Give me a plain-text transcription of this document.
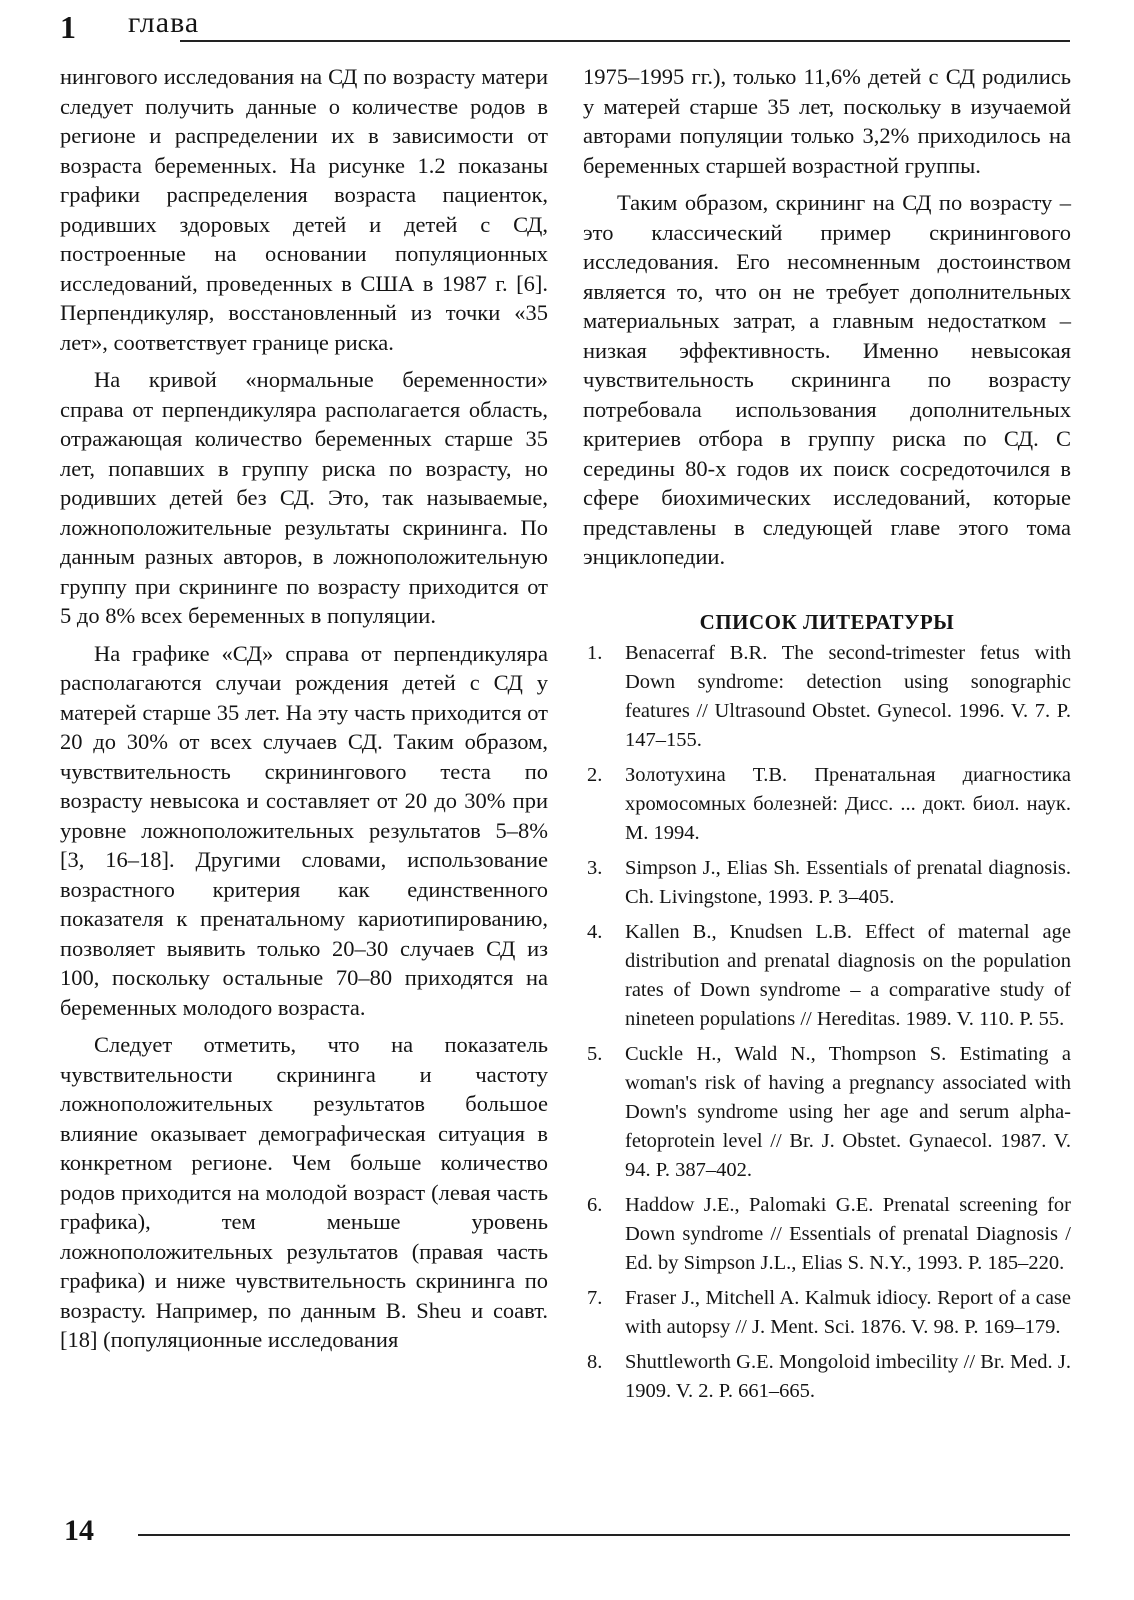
1 глава

нингового исследования на СД по возрасту матери следует получить данные о количестве родов в регионе и распределении их в зависимости от возраста беременных. На рисунке 1.2 показаны графики распределения возраста пациенток, родивших здоровых детей и детей с СД, построенные на основании популяционных исследований, проведенных в США в 1987 г. [6]. Перпендикуляр, восстановленный из точки «35 лет», соответствует границе риска.

На кривой «нормальные беременности» справа от перпендикуляра располагается область, отражающая количество беременных старше 35 лет, попавших в группу риска по возрасту, но родивших детей без СД. Это, так называемые, ложноположительные результаты скрининга. По данным разных авторов, в ложноположительную группу при скрининге по возрасту приходится от 5 до 8% всех беременных в популяции.

На графике «СД» справа от перпендикуляра располагаются случаи рождения детей с СД у матерей старше 35 лет. На эту часть приходится от 20 до 30% от всех случаев СД. Таким образом, чувствительность скринингового теста по возрасту невысока и составляет от 20 до 30% при уровне ложноположительных результатов 5–8% [3, 16–18]. Другими словами, использование возрастного критерия как единственного показателя к пренатальному кариотипированию, позволяет выявить только 20–30 случаев СД из 100, поскольку остальные 70–80 приходятся на беременных молодого возраста.

Следует отметить, что на показатель чувствительности скрининга и частоту ложноположительных результатов большое влияние оказывает демографическая ситуация в конкретном регионе. Чем больше количество родов приходится на молодой возраст (левая часть графика), тем меньше уровень ложноположительных результатов (правая часть графика) и ниже чувствительность скрининга по возрасту. Например, по данным B. Sheu и соавт. [18] (популяционные исследования

1975–1995 гг.), только 11,6% детей с СД родились у матерей старше 35 лет, поскольку в изучаемой авторами популяции только 3,2% приходилось на беременных старшей возрастной группы.

Таким образом, скрининг на СД по возрасту – это классический пример скринингового исследования. Его несомненным достоинством является то, что он не требует дополнительных материальных затрат, а главным недостатком – низкая эффективность. Именно невысокая чувствительность скрининга по возрасту потребовала использования дополнительных критериев отбора в группу риска по СД. С середины 80-х годов их поиск сосредоточился в сфере биохимических исследований, которые представлены в следующей главе этого тома энциклопедии.

СПИСОК ЛИТЕРАТУРЫ
1. Benacerraf B.R. The second-trimester fetus with Down syndrome: detection using sonographic features // Ultrasound Obstet. Gynecol. 1996. V. 7. P. 147–155.
2. Золотухина Т.В. Пренатальная диагностика хромосомных болезней: Дисс. ... докт. биол. наук. М. 1994.
3. Simpson J., Elias Sh. Essentials of prenatal diagnosis. Ch. Livingstone, 1993. P. 3–405.
4. Kallen B., Knudsen L.B. Effect of maternal age distribution and prenatal diagnosis on the population rates of Down syndrome – a comparative study of nineteen populations // Hereditas. 1989. V. 110. P. 55.
5. Cuckle H., Wald N., Thompson S. Estimating a woman's risk of having a pregnancy associated with Down's syndrome using her age and serum alpha-fetoprotein level // Br. J. Obstet. Gynaecol. 1987. V. 94. P. 387–402.
6. Haddow J.E., Palomaki G.E. Prenatal screening for Down syndrome // Essentials of prenatal Diagnosis / Ed. by Simpson J.L., Elias S. N.Y., 1993. P. 185–220.
7. Fraser J., Mitchell A. Kalmuk idiocy. Report of a case with autopsy // J. Ment. Sci. 1876. V. 98. P. 169–179.
8. Shuttleworth G.E. Mongoloid imbecility // Br. Med. J. 1909. V. 2. P. 661–665.
14
